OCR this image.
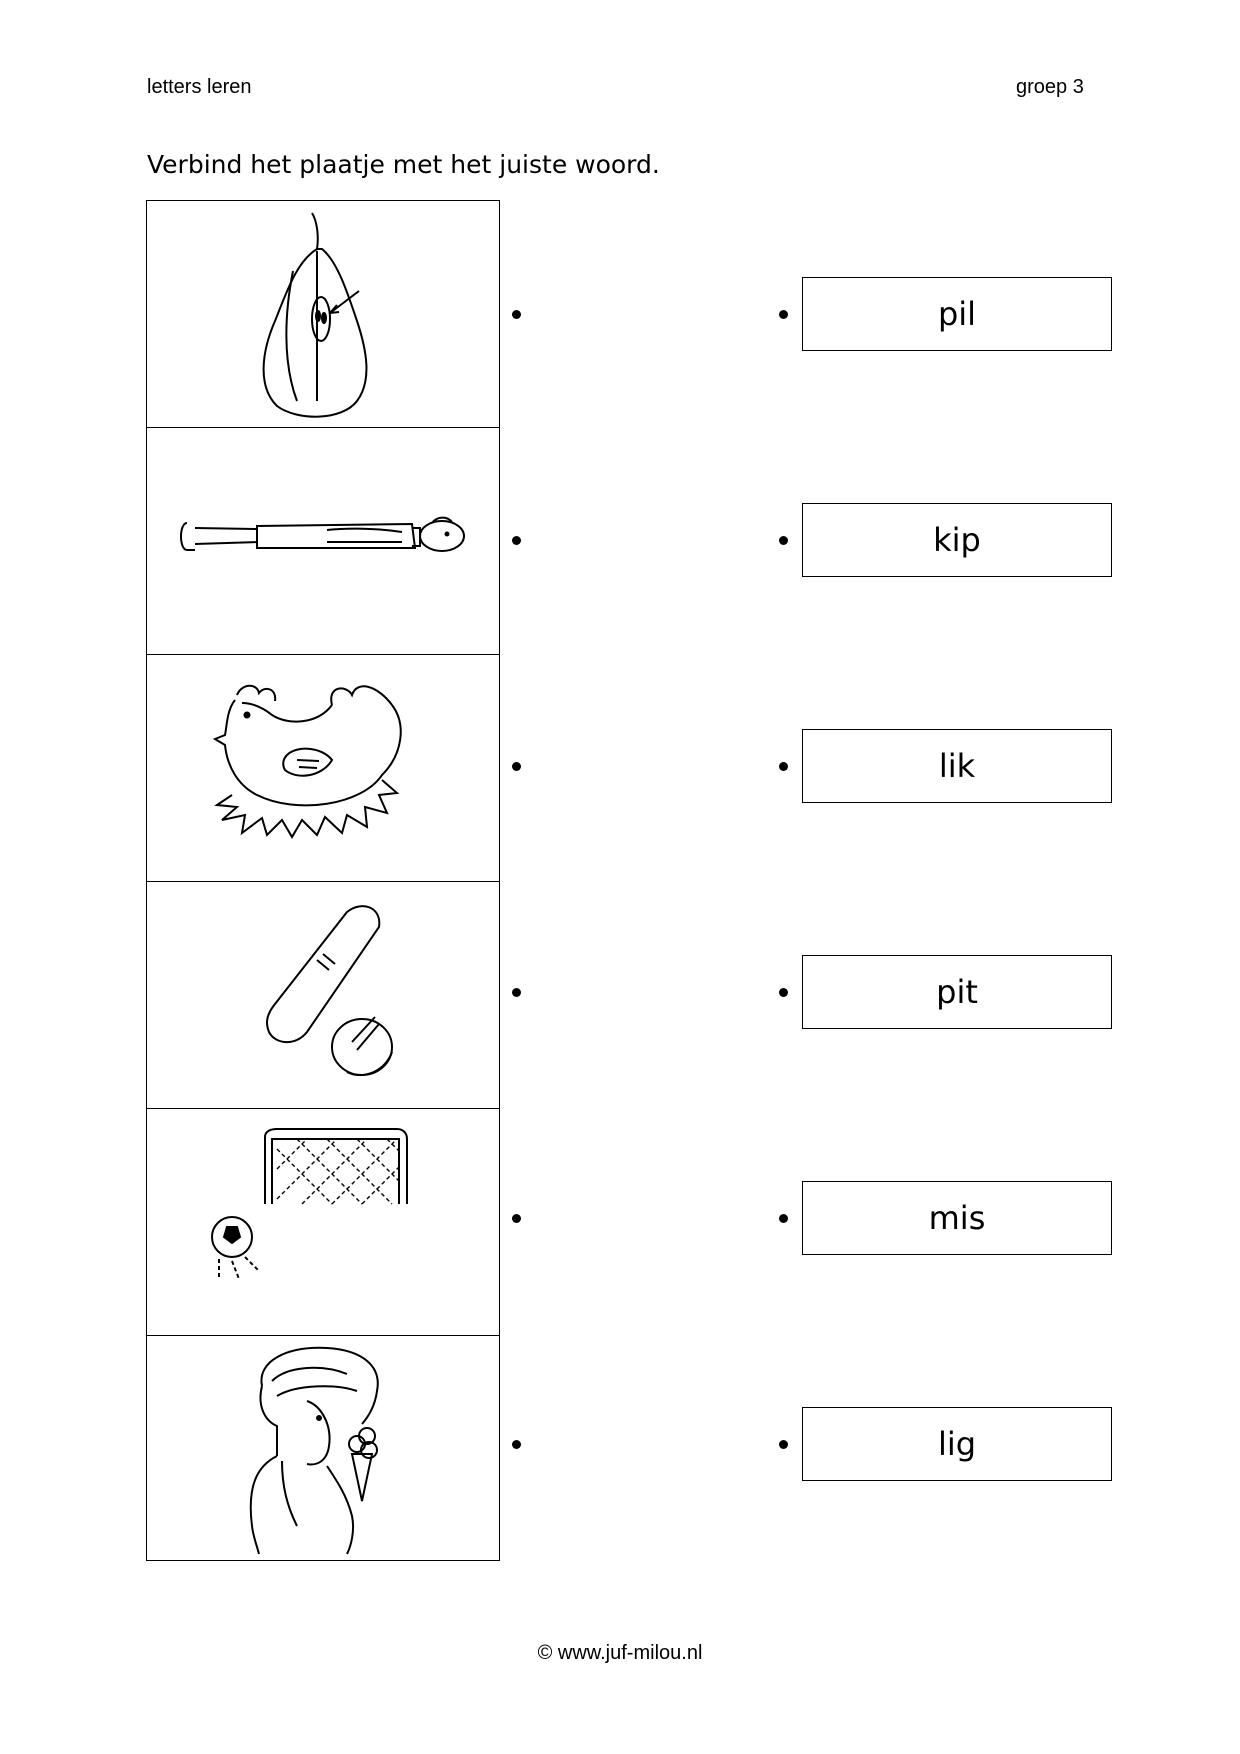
letters leren	groep 3
Verbind het plaatje met het juiste woord.
pil
kip
lik
pit
mis
lig
© www.juf-milou.nl
